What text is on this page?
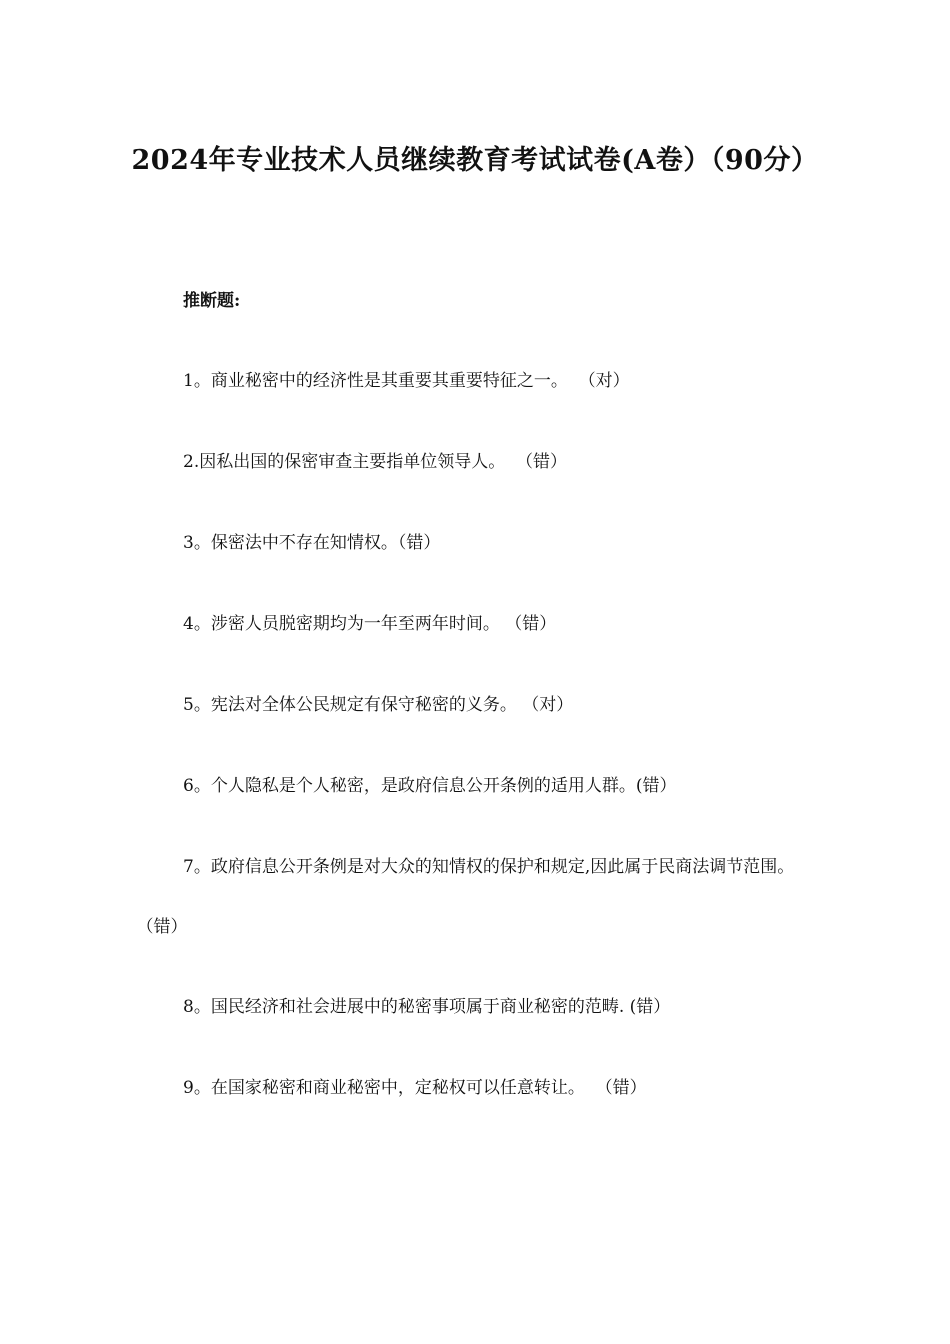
2024年专业技术人员继续教育考试试卷(A卷）（90分）

推断题:

1。商业秘密中的经济性是其重要其重要特征之一。  （对）

2.因私出国的保密审查主要指单位领导人。  （错）

3。保密法中不存在知情权。（错）

4。涉密人员脱密期均为一年至两年时间。 （错）

5。宪法对全体公民规定有保守秘密的义务。 （对）

6。个人隐私是个人秘密，是政府信息公开条例的适用人群。(错）

7。政府信息公开条例是对大众的知情权的保护和规定,因此属于民商法调节范围。（错）

8。国民经济和社会进展中的秘密事项属于商业秘密的范畴. (错）

9。在国家秘密和商业秘密中，定秘权可以任意转让。  （错）
